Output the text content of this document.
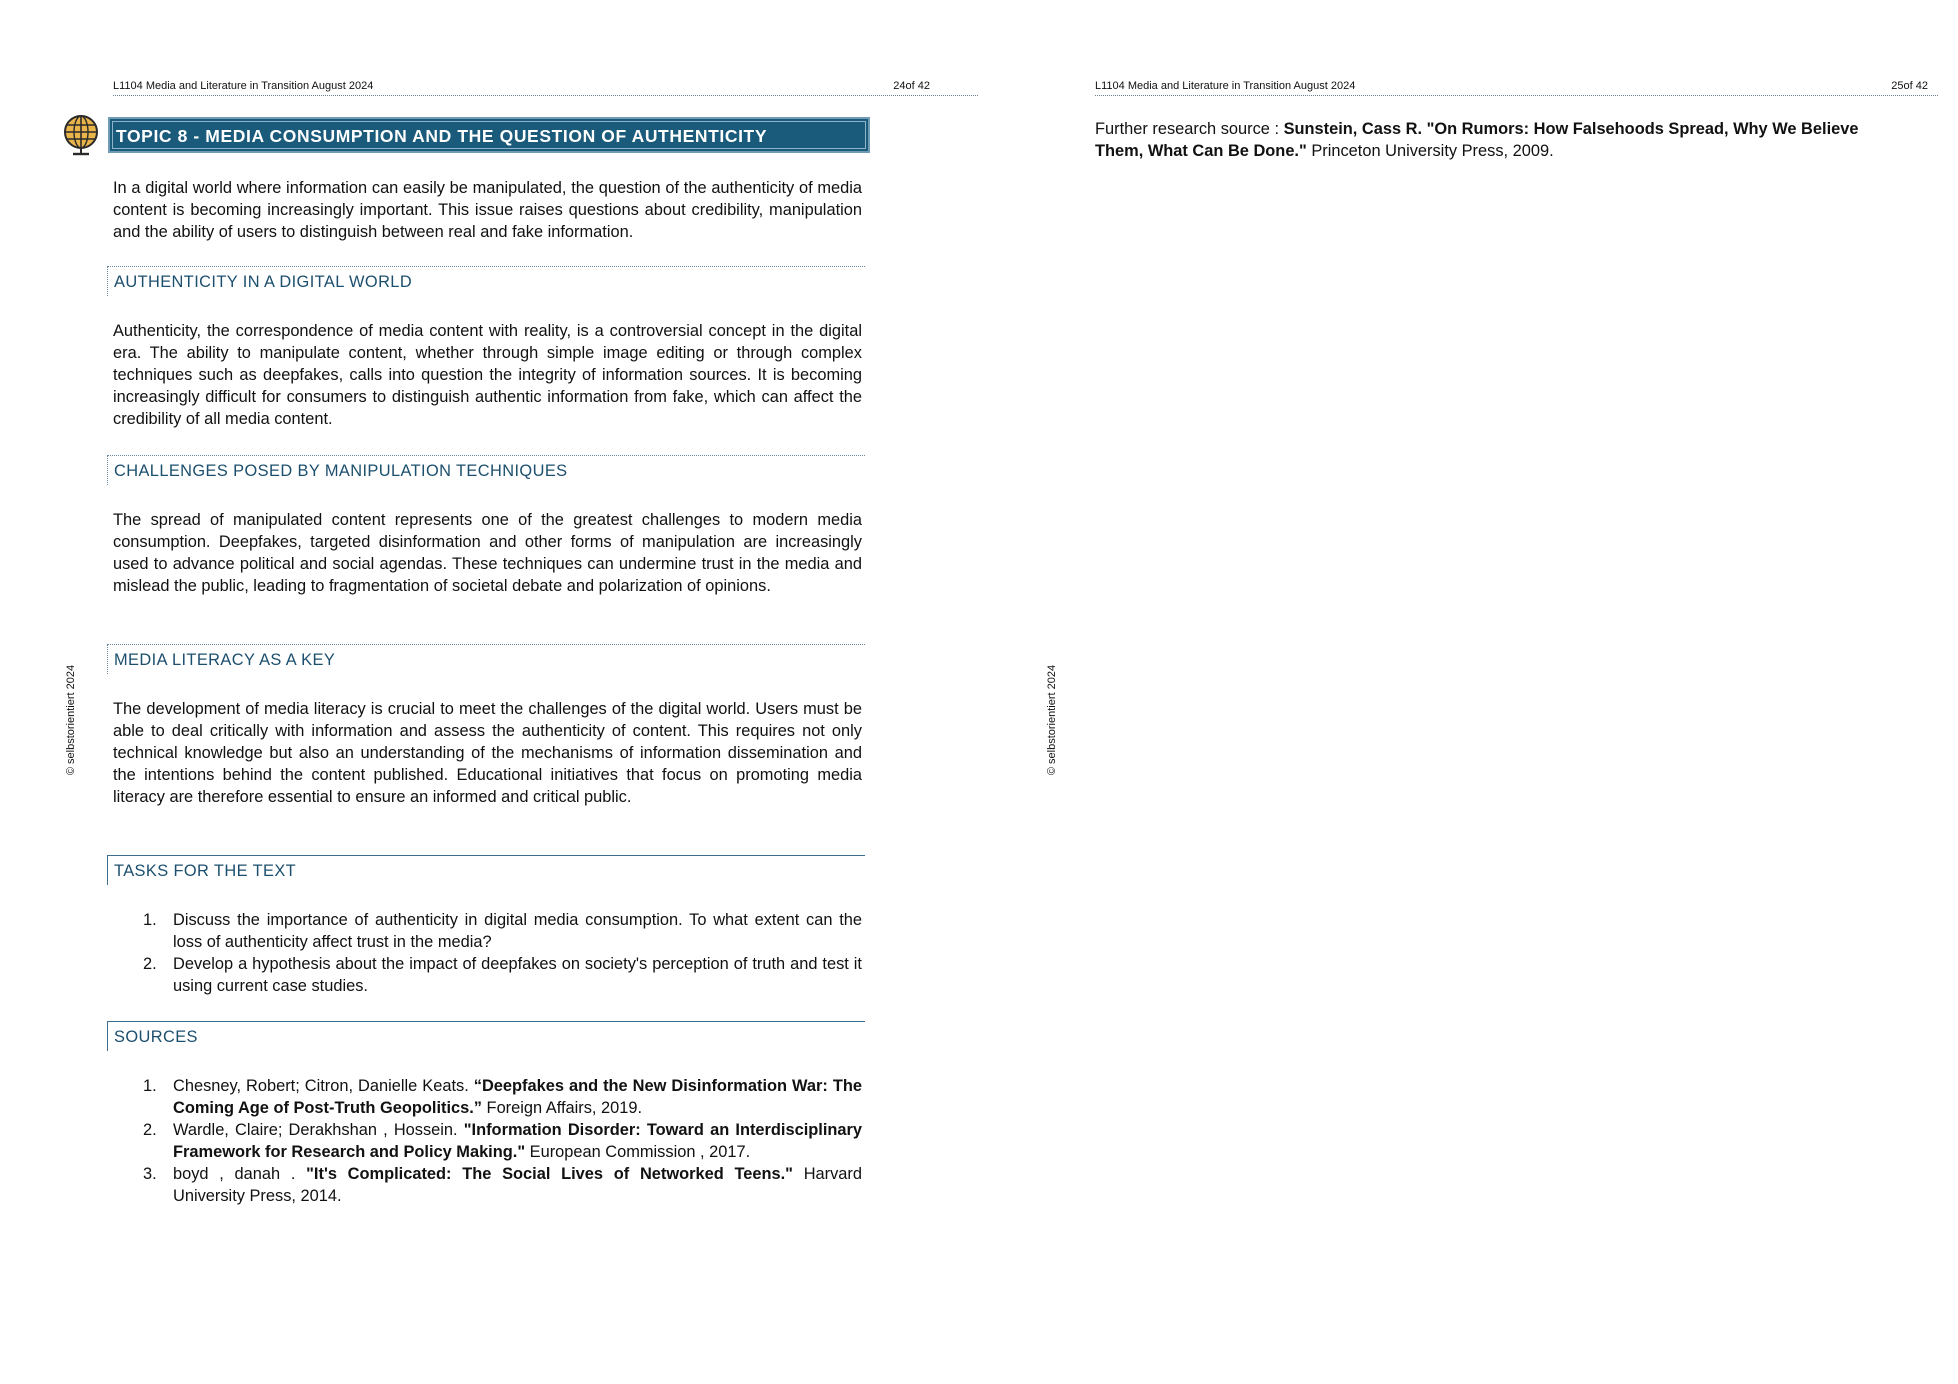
L1104 Media and Literature in Transition August 2024	24of 42
© selbstorientiert 2024
TOPIC 8 - MEDIA CONSUMPTION AND THE QUESTION OF AUTHENTICITY

In a digital world where information can easily be manipulated, the question of the authenticity of media content is becoming increasingly important. This issue raises questions about credibility, manipulation and the ability of users to distinguish between real and fake information.

AUTHENTICITY IN A DIGITAL WORLD

Authenticity, the correspondence of media content with reality, is a controversial concept in the digital era. The ability to manipulate content, whether through simple image editing or through complex techniques such as deepfakes, calls into question the integrity of information sources. It is becoming increasingly difficult for consumers to distinguish authentic information from fake, which can affect the credibility of all media content.

CHALLENGES POSED BY MANIPULATION TECHNIQUES

The spread of manipulated content represents one of the greatest challenges to modern media consumption. Deepfakes, targeted disinformation and other forms of manipulation are increasingly used to advance political and social agendas. These techniques can undermine trust in the media and mislead the public, leading to fragmentation of societal debate and polarization of opinions.

MEDIA LITERACY AS A KEY

The development of media literacy is crucial to meet the challenges of the digital world. Users must be able to deal critically with information and assess the authenticity of content. This requires not only technical knowledge but also an understanding of the mechanisms of information dissemination and the intentions behind the content published. Educational initiatives that focus on promoting media literacy are therefore essential to ensure an informed and critical public.

TASKS FOR THE TEXT
1. Discuss the importance of authenticity in digital media consumption. To what extent can the loss of authenticity affect trust in the media?
2. Develop a hypothesis about the impact of deepfakes on society's perception of truth and test it using current case studies.
SOURCES
1. Chesney, Robert; Citron, Danielle Keats. “Deepfakes and the New Disinformation War: The Coming Age of Post-Truth Geopolitics.” Foreign Affairs, 2019.
2. Wardle, Claire; Derakhshan , Hossein. "Information Disorder: Toward an Interdisciplinary Framework for Research and Policy Making." European Commission , 2017.
3. boyd , danah . "It's Complicated: The Social Lives of Networked Teens." Harvard University Press, 2014.
L1104 Media and Literature in Transition August 2024	25of 42
© selbstorientiert 2024

Further research source : Sunstein, Cass R. "On Rumors: How Falsehoods Spread, Why We Believe Them, What Can Be Done." Princeton University Press, 2009.
